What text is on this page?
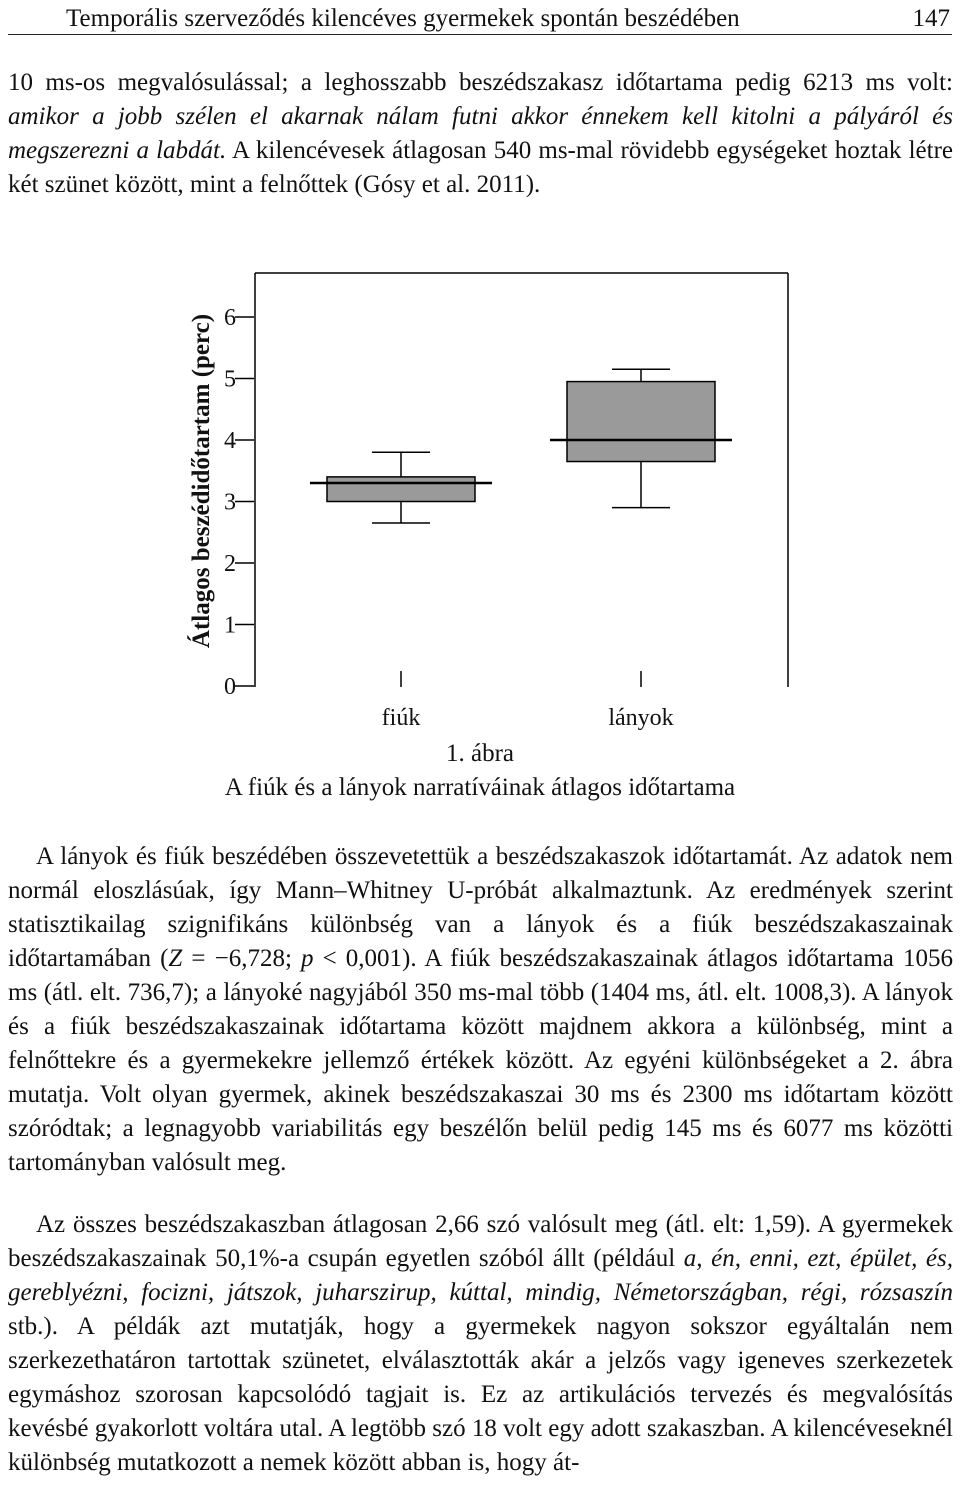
Temporális szerveződés kilencéves gyermekek spontán beszédében	147

10 ms-os megvalósulással; a leghosszabb beszédszakasz időtartama pedig 6213 ms volt: amikor a jobb szélen el akarnak nálam futni akkor énnekem kell kitolni a pályáról és megszerezni a labdát. A kilencévesek átlagosan 540 ms-mal rövidebb egységeket hoztak létre két szünet között, mint a felnőttek (Gósy et al. 2011).

0
1
2
3
4
5
6
Átlagos beszédidőtartam (perc)
fiúk	lányok
1. ábra
A fiúk és a lányok narratíváinak átlagos időtartama

A lányok és fiúk beszédében összevetettük a beszédszakaszok időtartamát. Az adatok nem normál eloszlásúak, így Mann–Whitney U-próbát alkalmaztunk. Az eredmények szerint statisztikailag szignifikáns különbség van a lányok és a fiúk beszédszakaszainak időtartamában (Z = −6,728; p < 0,001). A fiúk beszédszakaszainak átlagos időtartama 1056 ms (átl. elt. 736,7); a lányoké nagyjából 350 ms-mal több (1404 ms, átl. elt. 1008,3). A lányok és a fiúk beszédszakaszainak időtartama között majdnem akkora a különbség, mint a felnőttekre és a gyermekekre jellemző értékek között. Az egyéni különbségeket a 2. ábra mutatja. Volt olyan gyermek, akinek beszédszakaszai 30 ms és 2300 ms időtartam között szóródtak; a legnagyobb variabilitás egy beszélőn belül pedig 145 ms és 6077 ms közötti tartományban valósult meg.

Az összes beszédszakaszban átlagosan 2,66 szó valósult meg (átl. elt: 1,59). A gyermekek beszédszakaszainak 50,1%-a csupán egyetlen szóból állt (például a, én, enni, ezt, épület, és, gereblyézni, focizni, játszok, juharszirup, kúttal, mindig, Németországban, régi, rózsaszín stb.). A példák azt mutatják, hogy a gyermekek nagyon sokszor egyáltalán nem szerkezethatáron tartottak szünetet, elválasztották akár a jelzős vagy igeneves szerkezetek egymáshoz szorosan kapcsolódó tagjait is. Ez az artikulációs tervezés és megvalósítás kevésbé gyakorlott voltára utal. A legtöbb szó 18 volt egy adott szakaszban. A kilencéveseknél különbség mutatkozott a nemek között abban is, hogy át-
